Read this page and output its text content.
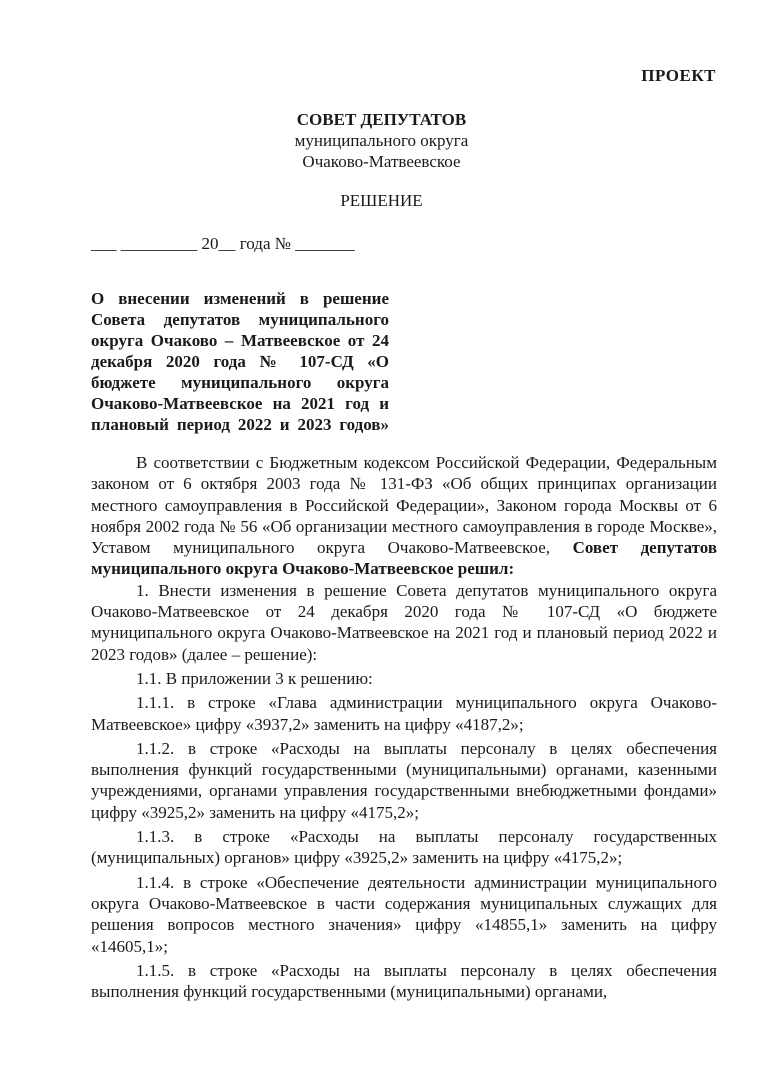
ПРОЕКТ
СОВЕТ ДЕПУТАТОВ
муниципального округа
Очаково-Матвеевское
РЕШЕНИЕ
___ _________ 20__ года № _______
О внесении изменений в решение Совета депутатов муниципального округа Очаково – Матвеевское от 24 декабря 2020 года № 107-СД «О бюджете муниципального округа Очаково-Матвеевское на 2021 год и плановый период 2022 и 2023 годов»

В соответствии с Бюджетным кодексом Российской Федерации, Федеральным законом от 6 октября 2003 года № 131-ФЗ «Об общих принципах организации местного самоуправления в Российской Федерации», Законом города Москвы от 6 ноября 2002 года № 56 «Об организации местного самоуправления в городе Москве», Уставом муниципального округа Очаково-Матвеевское, Совет депутатов муниципального округа Очаково-Матвеевское решил:

1. Внести изменения в решение Совета депутатов муниципального округа Очаково-Матвеевское от 24 декабря 2020 года № 107-СД «О бюджете муниципального округа Очаково-Матвеевское на 2021 год и плановый период 2022 и 2023 годов» (далее – решение):

1.1. В приложении 3 к решению:

1.1.1. в строке «Глава администрации муниципального округа Очаково-Матвеевское» цифру «3937,2» заменить на цифру «4187,2»;

1.1.2. в строке «Расходы на выплаты персоналу в целях обеспечения выполнения функций государственными (муниципальными) органами, казенными учреждениями, органами управления государственными внебюджетными фондами» цифру «3925,2» заменить на цифру «4175,2»;

1.1.3. в строке «Расходы на выплаты персоналу государственных (муниципальных) органов» цифру «3925,2» заменить на цифру «4175,2»;

1.1.4. в строке «Обеспечение деятельности администрации муниципального округа Очаково-Матвеевское в части содержания муниципальных служащих для решения вопросов местного значения» цифру «14855,1» заменить на цифру «14605,1»;

1.1.5. в строке «Расходы на выплаты персоналу в целях обеспечения выполнения функций государственными (муниципальными) органами,
